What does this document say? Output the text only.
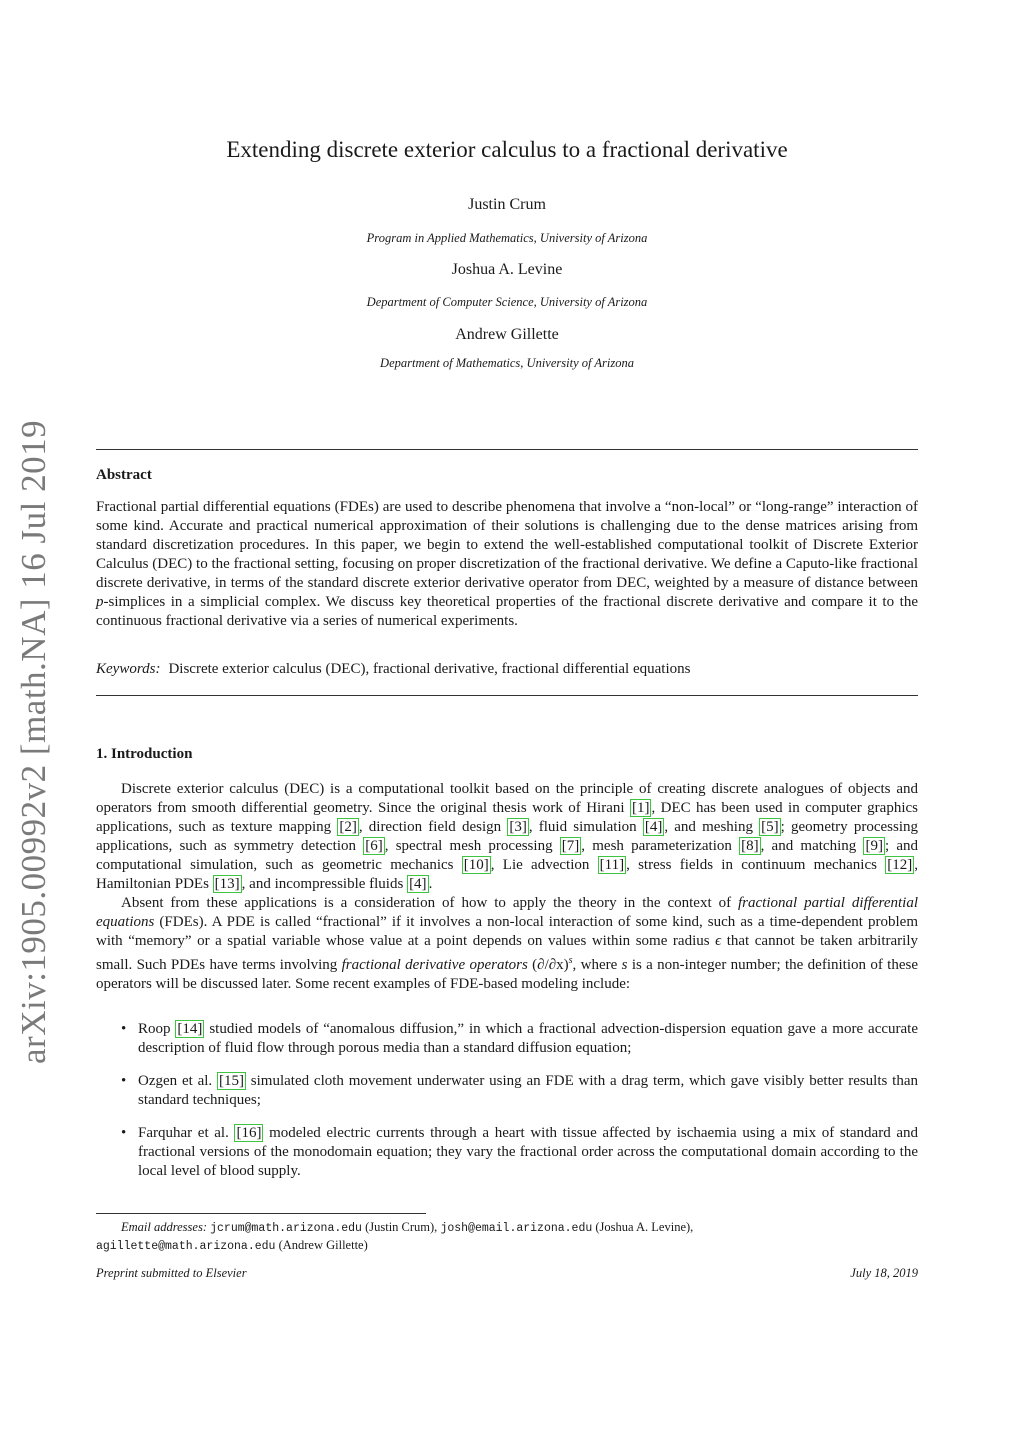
arXiv:1905.00992v2 [math.NA] 16 Jul 2019
Extending discrete exterior calculus to a fractional derivative
Justin Crum
Program in Applied Mathematics, University of Arizona
Joshua A. Levine
Department of Computer Science, University of Arizona
Andrew Gillette
Department of Mathematics, University of Arizona
Abstract

Fractional partial differential equations (FDEs) are used to describe phenomena that involve a “non-local” or “long-range” interaction of some kind. Accurate and practical numerical approximation of their solutions is challenging due to the dense matrices arising from standard discretization procedures. In this paper, we begin to extend the well-established computational toolkit of Discrete Exterior Calculus (DEC) to the fractional setting, focusing on proper discretization of the fractional derivative. We define a Caputo-like fractional discrete derivative, in terms of the standard discrete exterior derivative operator from DEC, weighted by a measure of distance between p-simplices in a simplicial complex. We discuss key theoretical properties of the fractional discrete derivative and compare it to the continuous fractional derivative via a series of numerical experiments.

Keywords: Discrete exterior calculus (DEC), fractional derivative, fractional differential equations
1. Introduction

Discrete exterior calculus (DEC) is a computational toolkit based on the principle of creating discrete analogues of objects and operators from smooth differential geometry. Since the original thesis work of Hirani [1] , DEC has been used in computer graphics applications, such as texture mapping [2] , direction field design [3] , fluid simulation [4] , and meshing [5] ; geometry processing applications, such as symmetry detection [6] , spectral mesh processing [7] , mesh parameterization [8] , and matching [9] ; and computational simulation, such as geometric mechanics [10] , Lie advection [11] , stress fields in continuum mechanics [12] , Hamiltonian PDEs [13] , and incompressible fluids [4] .

Absent from these applications is a consideration of how to apply the theory in the context of fractional partial differential equations (FDEs). A PDE is called “fractional” if it involves a non-local interaction of some kind, such as a time-dependent problem with “memory” or a spatial variable whose value at a point depends on values within some radius ϵ that cannot be taken arbitrarily small. Such PDEs have terms involving fractional derivative operators $(\partial/\partial x)^s$, where s is a non-integer number; the definition of these operators will be discussed later. Some recent examples of FDE-based modeling include:

• Roop [14] studied models of “anomalous diffusion,” in which a fractional advection-dispersion equation gave a more accurate description of fluid flow through porous media than a standard diffusion equation;
• Ozgen et al. [15] simulated cloth movement underwater using an FDE with a drag term, which gave visibly better results than standard techniques;
• Farquhar et al. [16] modeled electric currents through a heart with tissue affected by ischaemia using a mix of standard and fractional versions of the monodomain equation; they vary the fractional order across the computational domain according to the local level of blood supply.
Email addresses: jcrum@math.arizona.edu (Justin Crum), josh@email.arizona.edu (Joshua A. Levine),
agillette@math.arizona.edu (Andrew Gillette)
Preprint submitted to Elsevier	July 18, 2019
